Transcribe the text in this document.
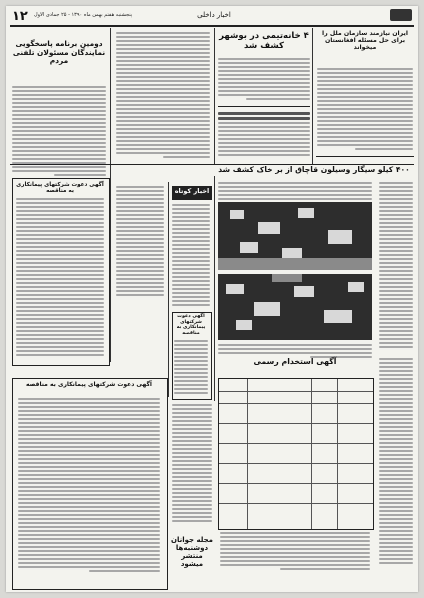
۱۲ پنجشنبه هفتم بهمن ماه ۱۳۹۰ - ۲۵ جمادی الاول	اخبار داخلی
ایران نیازمند سازمان ملل را برای حل مسئله افغانستان میخواند
۴ خانه‌تیمی در بوشهر کشف شد
دومین برنامه پاسخگویی نمایندگان مسئولان تلفنی مردم
۴۰۰ کیلو سیگار وسیلون قاچاق از بر خاک کشف شد
اخبار کوتاه
آگهی دعوت شرکتهای پیمانکاری به مناقصه
آگهی دعوت شرکتهای پیمانکاری به مناقصه
آگهی استخدام رسمی
آگهی دعوت شرکتهای پیمانکاری به مناقصه
مجله جوانان دوشنبه‌ها منتشر میشود
